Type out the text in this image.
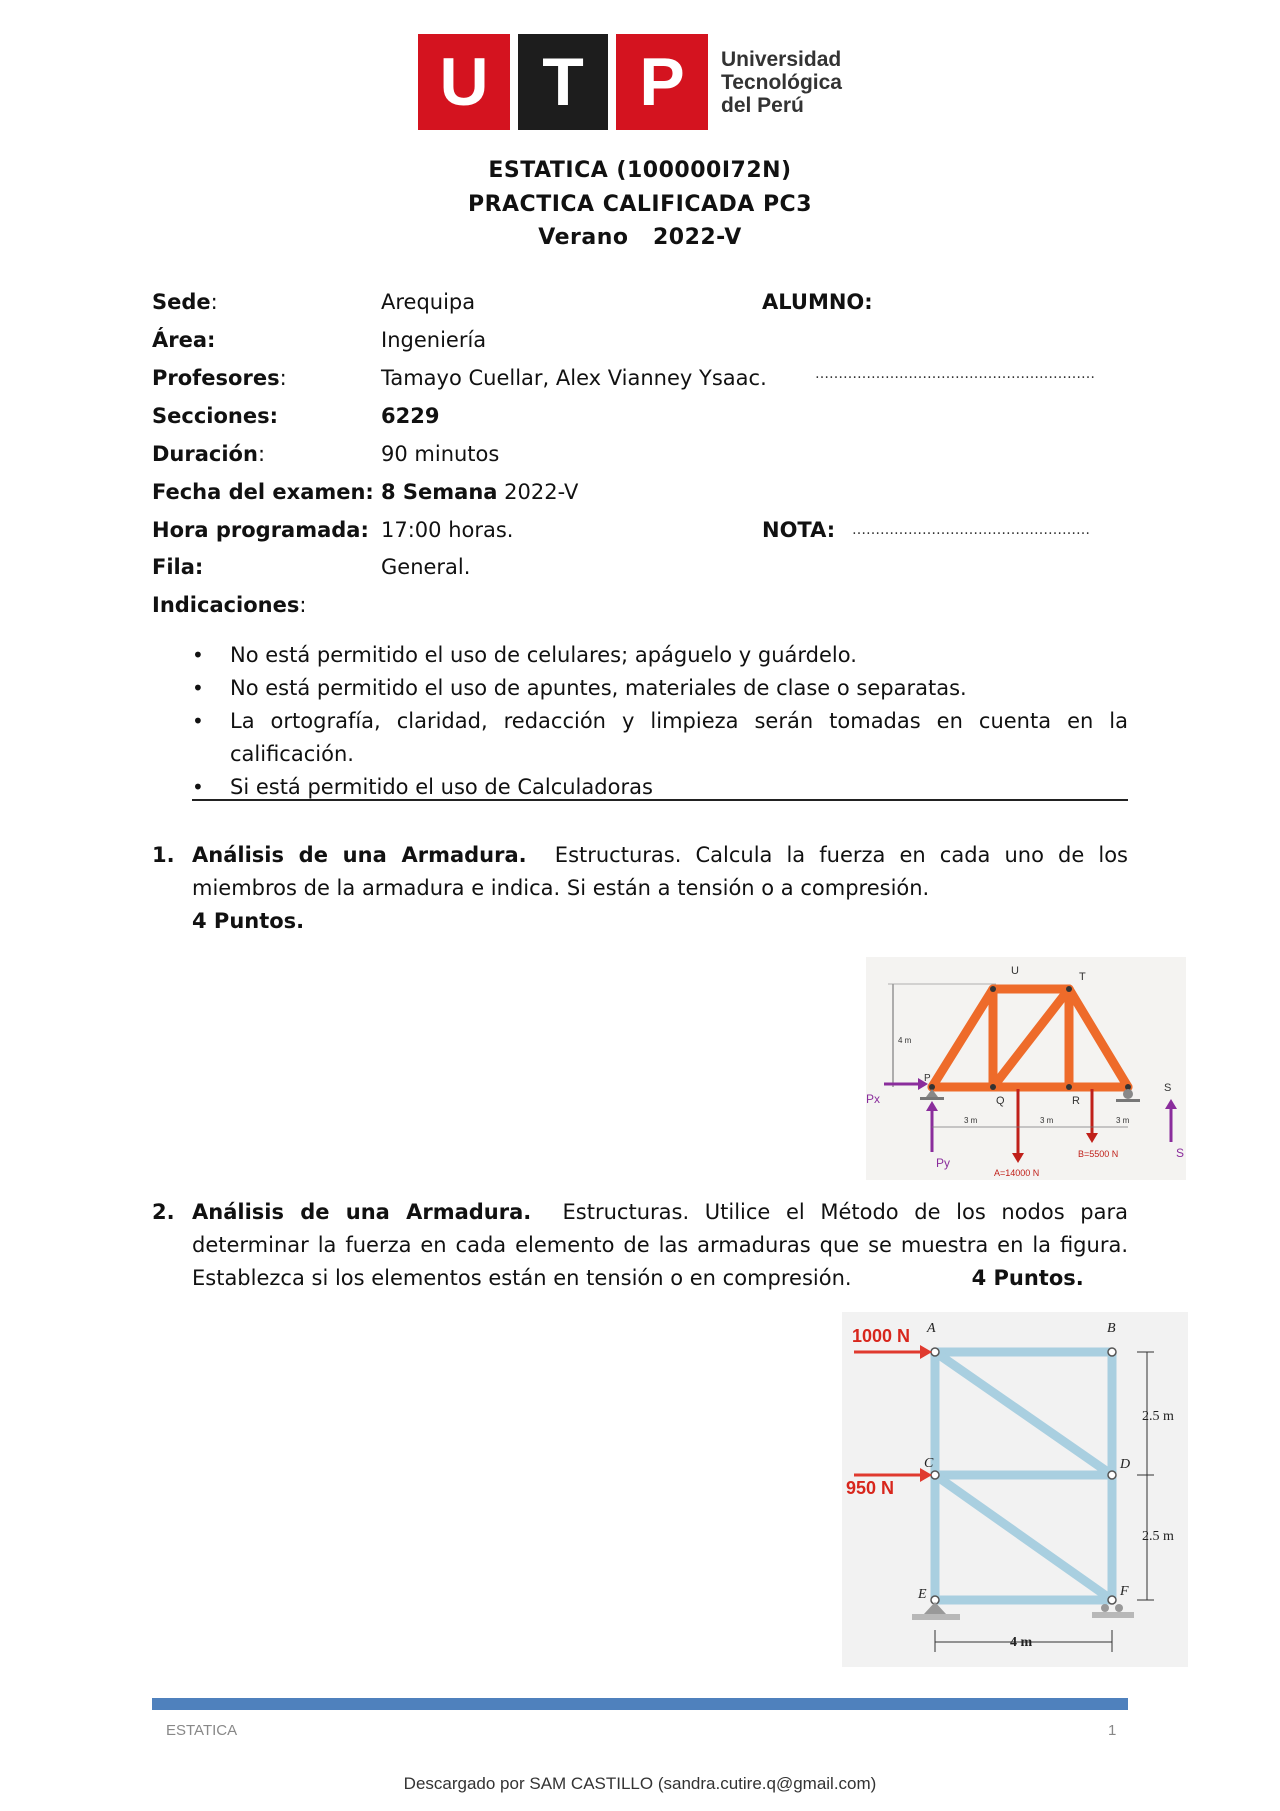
U T P	Universidad
Tecnológica
del Perú
ESTATICA (100000I72N)
PRACTICA CALIFICADA PC3
Verano 2022-V
Sede:	Arequipa	ALUMNO:
Área:	Ingeniería
Profesores:	Tamayo Cuellar, Alex Vianney Ysaac.	……………………………………………………
Secciones:	6229
Duración:	90 minutos
Fecha del examen: 8 Semana 2022-V
Hora programada: 17:00 horas.	NOTA: ……………………………………………
Fila:	General.
Indicaciones:
• No está permitido el uso de celulares; apáguelo y guárdelo.
• No está permitido el uso de apuntes, materiales de clase o separatas.
• La ortografía, claridad, redacción y limpieza serán tomadas en cuenta en la calificación.
• Si está permitido el uso de Calculadoras
1. Análisis de una Armadura. Estructuras. Calcula la fuerza en cada uno de los miembros de la armadura e indica. Si están a tensión o a compresión.
4 Puntos.
U	T
P
Q	R
S
4 m
3 m	3 m	3 m
A=14000 N
B=5500 N
Px
Py
S
2. Análisis de una Armadura. Estructuras. Utilice el Método de los nodos para determinar la fuerza en cada elemento de las armaduras que se muestra en la figura. Establezca si los elementos están en tensión o en compresión.	4 Puntos.
A	B
C	D
E	F
1000 N
950 N
2.5 m
2.5 m
4 m
ESTATICA	1
Descargado por SAM CASTILLO (sandra.cutire.q@gmail.com)
